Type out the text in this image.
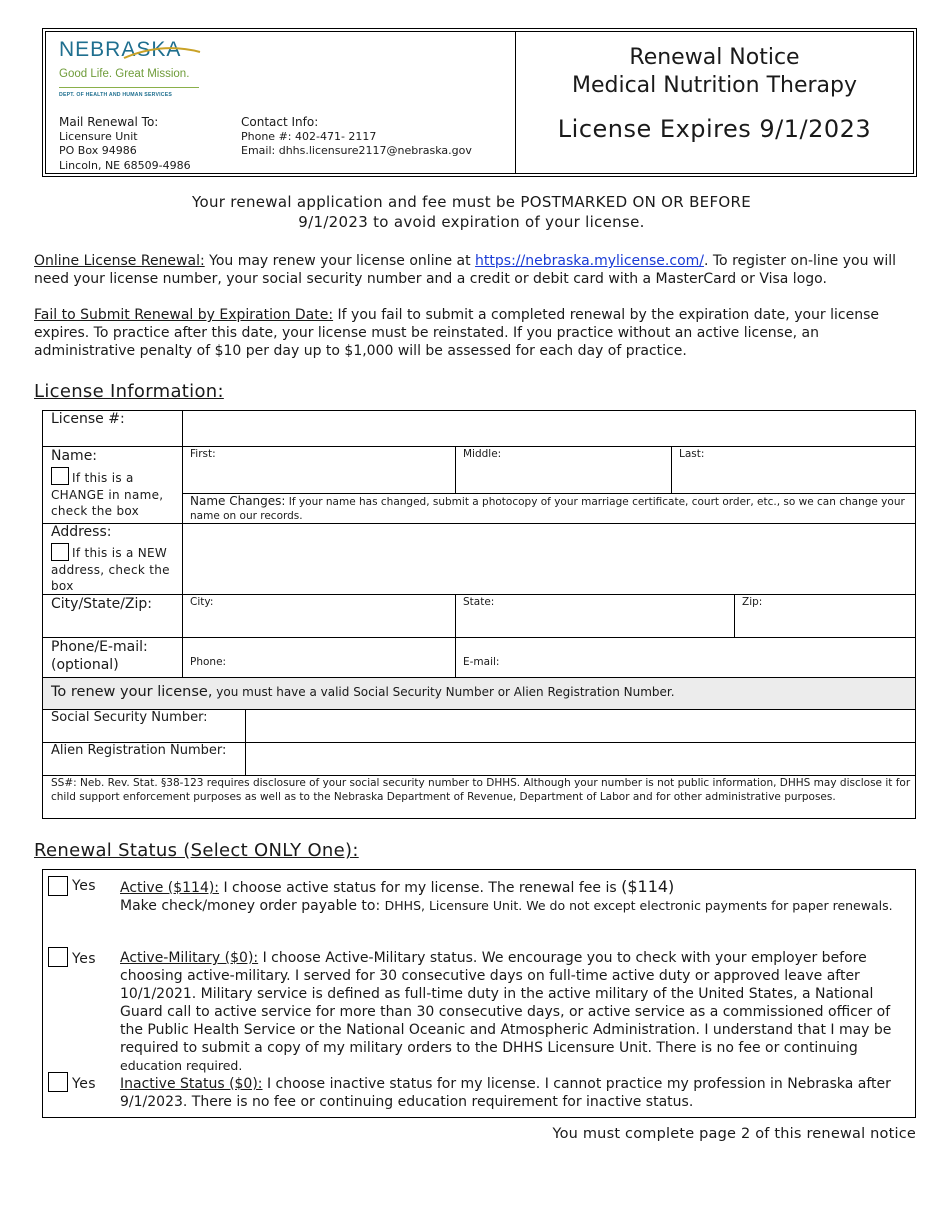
NEBRASKA
Good Life. Great Mission.
DEPT. OF HEALTH AND HUMAN SERVICES
Mail Renewal To:
Licensure Unit
PO Box 94986
Lincoln, NE 68509-4986
Contact Info:
Phone #: 402-471- 2117
Email: dhhs.licensure2117@nebraska.gov
Renewal Notice
Medical Nutrition Therapy
License Expires 9/1/2023
Your renewal application and fee must be POSTMARKED ON OR BEFORE
9/1/2023 to avoid expiration of your license.
Online License Renewal: You may renew your license online at https://nebraska.mylicense.com/. To register on-line you will need your license number, your social security number and a credit or debit card with a MasterCard or Visa logo.
Fail to Submit Renewal by Expiration Date: If you fail to submit a completed renewal by the expiration date, your license expires. To practice after this date, your license must be reinstated. If you practice without an active license, an administrative penalty of $10 per day up to $1,000 will be assessed for each day of practice.
License Information:
License #:
Name:
If this is a CHANGE in name, check the box
First:	Middle:	Last:
Name Changes: If your name has changed, submit a photocopy of your marriage certificate, court order, etc., so we can change your name on our records.
Address:
If this is a NEW address, check the box
City/State/Zip:	City:	State:	Zip:
Phone/E-mail:
(optional)	Phone:	E-mail:
To renew your license, you must have a valid Social Security Number or Alien Registration Number.
Social Security Number:
Alien Registration Number:
SS#: Neb. Rev. Stat. §38-123 requires disclosure of your social security number to DHHS. Although your number is not public information, DHHS may disclose it for child support enforcement purposes as well as to the Nebraska Department of Revenue, Department of Labor and for other administrative purposes.
Renewal Status (Select ONLY One):
Yes Active ($114): I choose active status for my license. The renewal fee is ($114)
Make check/money order payable to: DHHS, Licensure Unit. We do not except electronic payments for paper renewals.
Yes Active-Military ($0): I choose Active-Military status. We encourage you to check with your employer before choosing active-military. I served for 30 consecutive days on full-time active duty or approved leave after 10/1/2021. Military service is defined as full-time duty in the active military of the United States, a National Guard call to active service for more than 30 consecutive days, or active service as a commissioned officer of the Public Health Service or the National Oceanic and Atmospheric Administration. I understand that I may be required to submit a copy of my military orders to the DHHS Licensure Unit. There is no fee or continuing education required.
Yes Inactive Status ($0): I choose inactive status for my license. I cannot practice my profession in Nebraska after 9/1/2023. There is no fee or continuing education requirement for inactive status.
You must complete page 2 of this renewal notice
